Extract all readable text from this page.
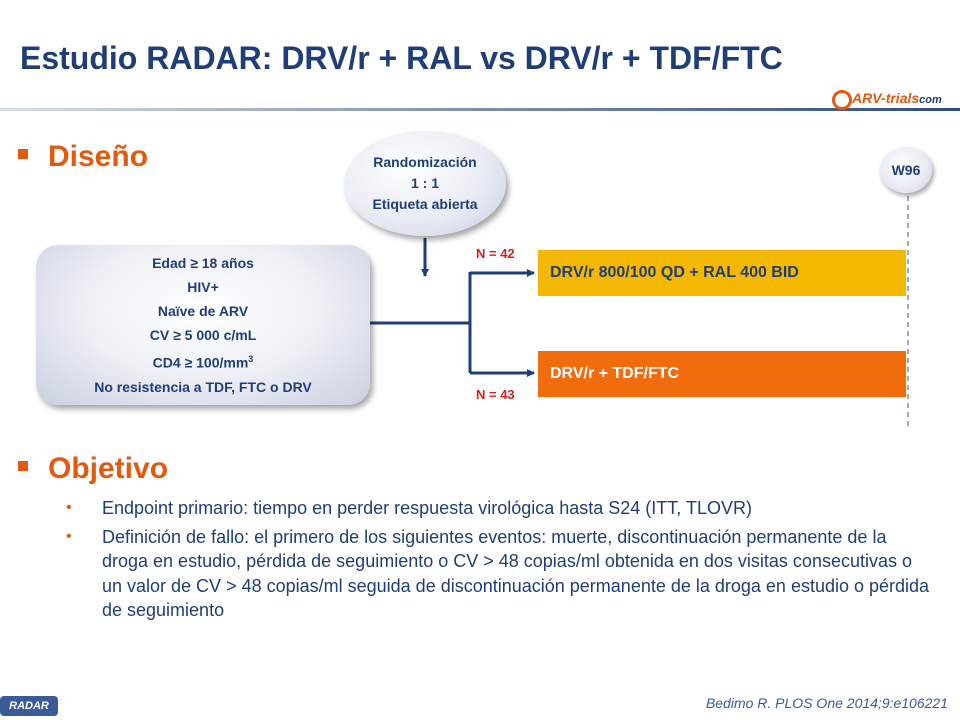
Estudio RADAR: DRV/r + RAL vs DRV/r + TDF/FTC
ARV-trialscom
Diseño	Randomización
1 : 1
Etiqueta abierta
Edad ≥ 18 años
HIV+
Naïve de ARV
CV ≥ 5 000 c/mL
$CD4 \ge 100/mm^3$
No resistencia a TDF, FTC o DRV
W96
N = 42
N = 43
DRV/r 800/100 QD + RAL 400 BID
DRV/r + TDF/FTC
Objetivo
• Endpoint primario: tiempo en perder respuesta virológica hasta S24 (ITT, TLOVR)
• Definición de fallo: el primero de los siguientes eventos: muerte, discontinuación permanente de la droga en estudio, pérdida de seguimiento o CV > 48 copias/ml obtenida en dos visitas consecutivas o un valor de CV > 48 copias/ml seguida de discontinuación permanente de la droga en estudio o pérdida de seguimiento
RADAR	Bedimo R. PLOS One 2014;9:e106221
